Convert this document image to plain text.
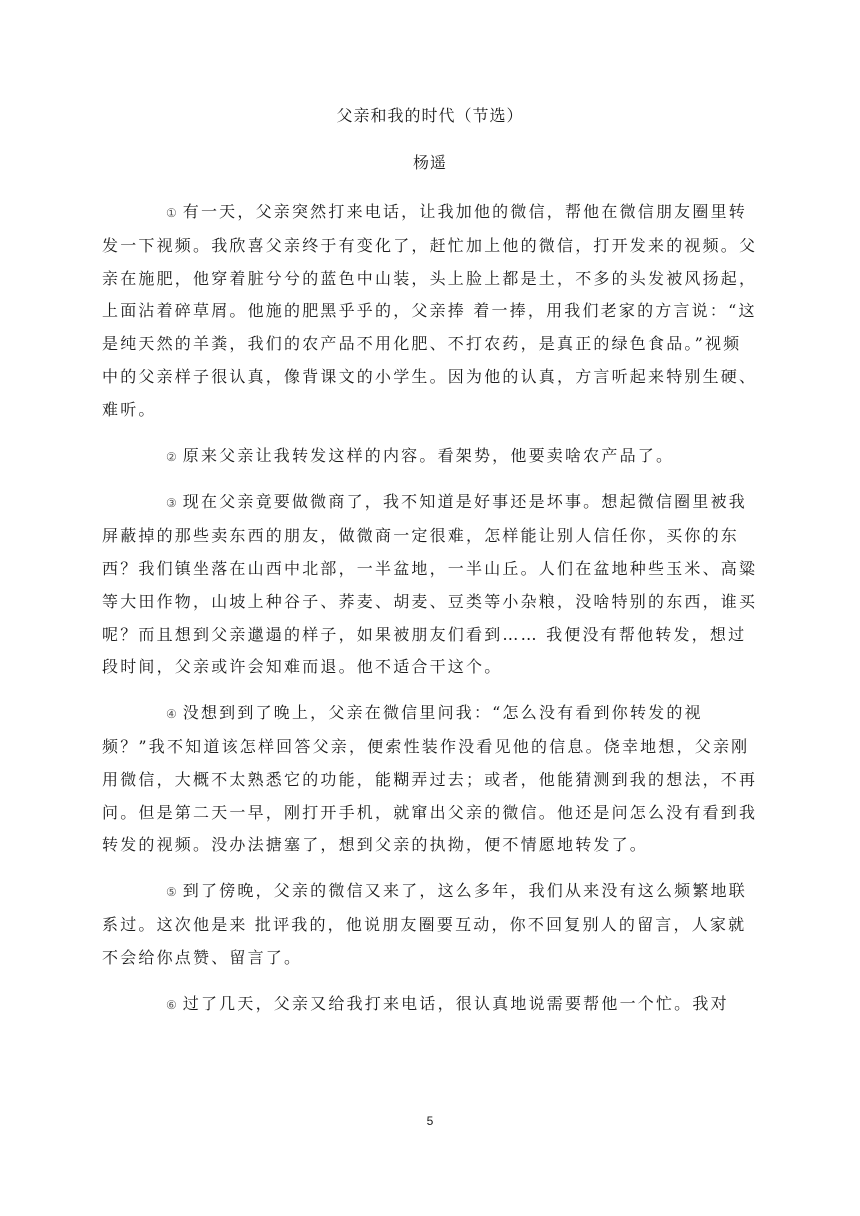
父亲和我的时代（节选）
杨遥

① 有一天，父亲突然打来电话，让我加他的微信，帮他在微信朋友圈里转发一下视频。我欣喜父亲终于有变化了，赶忙加上他的微信，打开发来的视频。父亲在施肥，他穿着脏兮兮的蓝色中山装，头上脸上都是土，不多的头发被风扬起，上面沾着碎草屑。他施的肥黑乎乎的，父亲捧 着一捧，用我们老家的方言说：“这是纯天然的羊粪，我们的农产品不用化肥、不打农药，是真正的绿色食品。”视频中的父亲样子很认真，像背课文的小学生。因为他的认真，方言听起来特别生硬、难听。

② 原来父亲让我转发这样的内容。看架势，他要卖啥农产品了。

③ 现在父亲竟要做微商了，我不知道是好事还是坏事。想起微信圈里被我屏蔽掉的那些卖东西的朋友，做微商一定很难，怎样能让别人信任你，买你的东西？我们镇坐落在山西中北部，一半盆地，一半山丘。人们在盆地种些玉米、高粱等大田作物，山坡上种谷子、荞麦、胡麦、豆类等小杂粮，没啥特别的东西，谁买呢？而且想到父亲邋遢的样子，如果被朋友们看到…… 我便没有帮他转发，想过段时间，父亲或许会知难而退。他不适合干这个。

④ 没想到到了晚上，父亲在微信里问我：“怎么没有看到你转发的视频？”我不知道该怎样回答父亲，便索性装作没看见他的信息。侥幸地想，父亲刚用微信，大概不太熟悉它的功能，能糊弄过去；或者，他能猜测到我的想法，不再问。但是第二天一早，刚打开手机，就窜出父亲的微信。他还是问怎么没有看到我转发的视频。没办法搪塞了，想到父亲的执拗，便不情愿地转发了。

⑤ 到了傍晚，父亲的微信又来了，这么多年，我们从来没有这么频繁地联系过。这次他是来 批评我的，他说朋友圈要互动，你不回复别人的留言，人家就不会给你点赞、留言了。

⑥ 过了几天，父亲又给我打来电话，很认真地说需要帮他一个忙。我对

5
